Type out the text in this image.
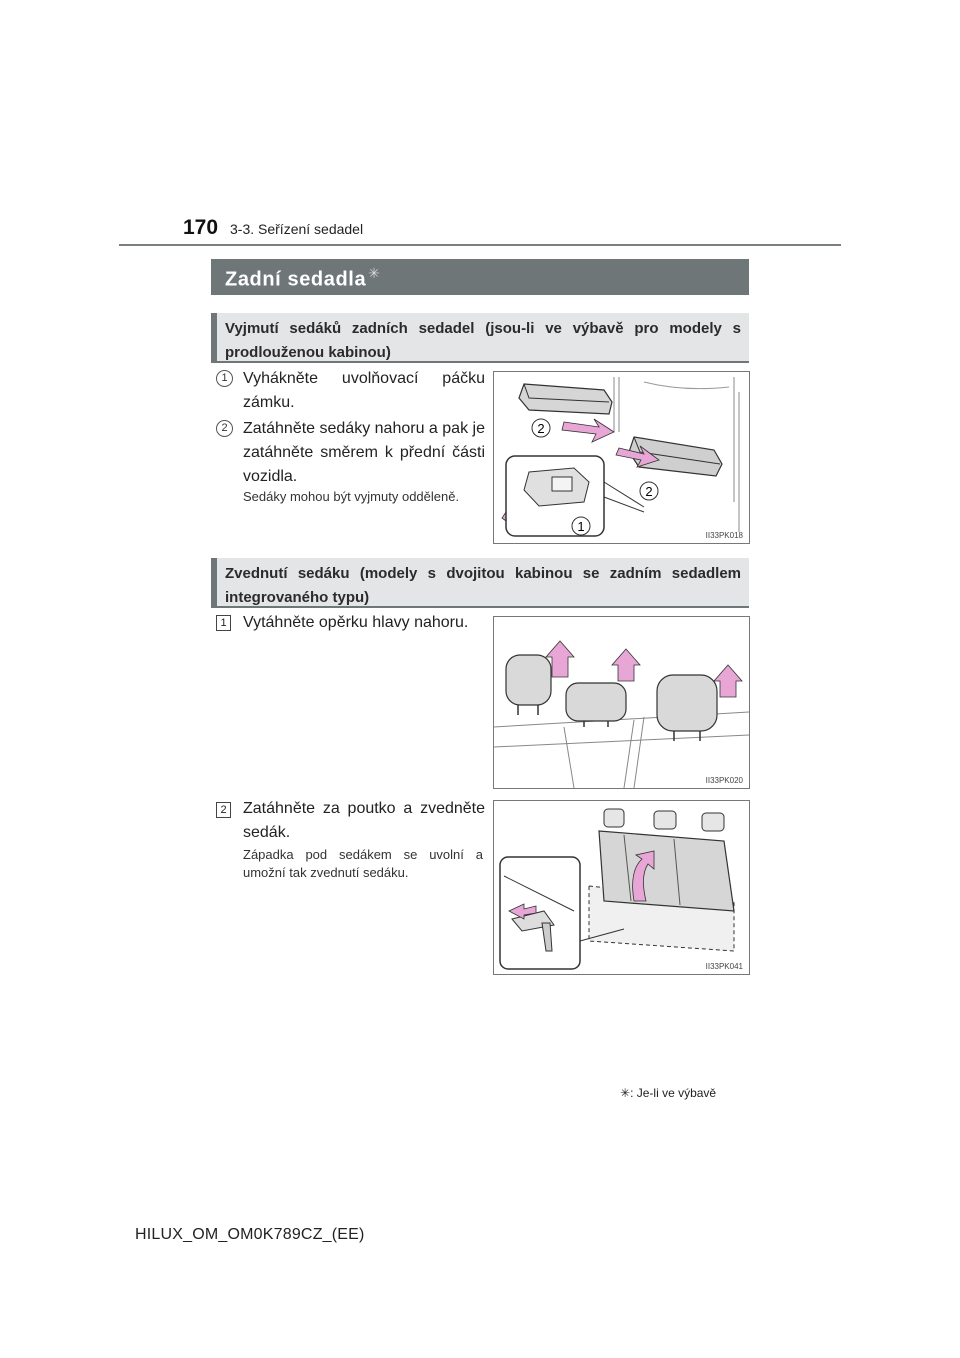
170 3-3. Seřízení sedadel
Zadní sedadla ✳
Vyjmutí sedáků zadních sedadel (jsou-li ve výbavě pro modely s prodlouženou kabinou)
1 Vyhákněte uvolňovací páčku zámku.
2 Zatáhněte sedáky nahoru a pak je zatáhněte směrem k přední části vozidla.
Sedáky mohou být vyjmuty odděleně.
2
2
1
II33PK018
Zvednutí sedáku (modely s dvojitou kabinou se zadním sedadlem integrovaného typu)
1 Vytáhněte opěrku hlavy nahoru.
II33PK020
2 Zatáhněte za poutko a zvedněte sedák.
Západka pod sedákem se uvolní a umožní tak zvednutí sedáku.
II33PK041
✳: Je-li ve výbavě
HILUX_OM_OM0K789CZ_(EE)
